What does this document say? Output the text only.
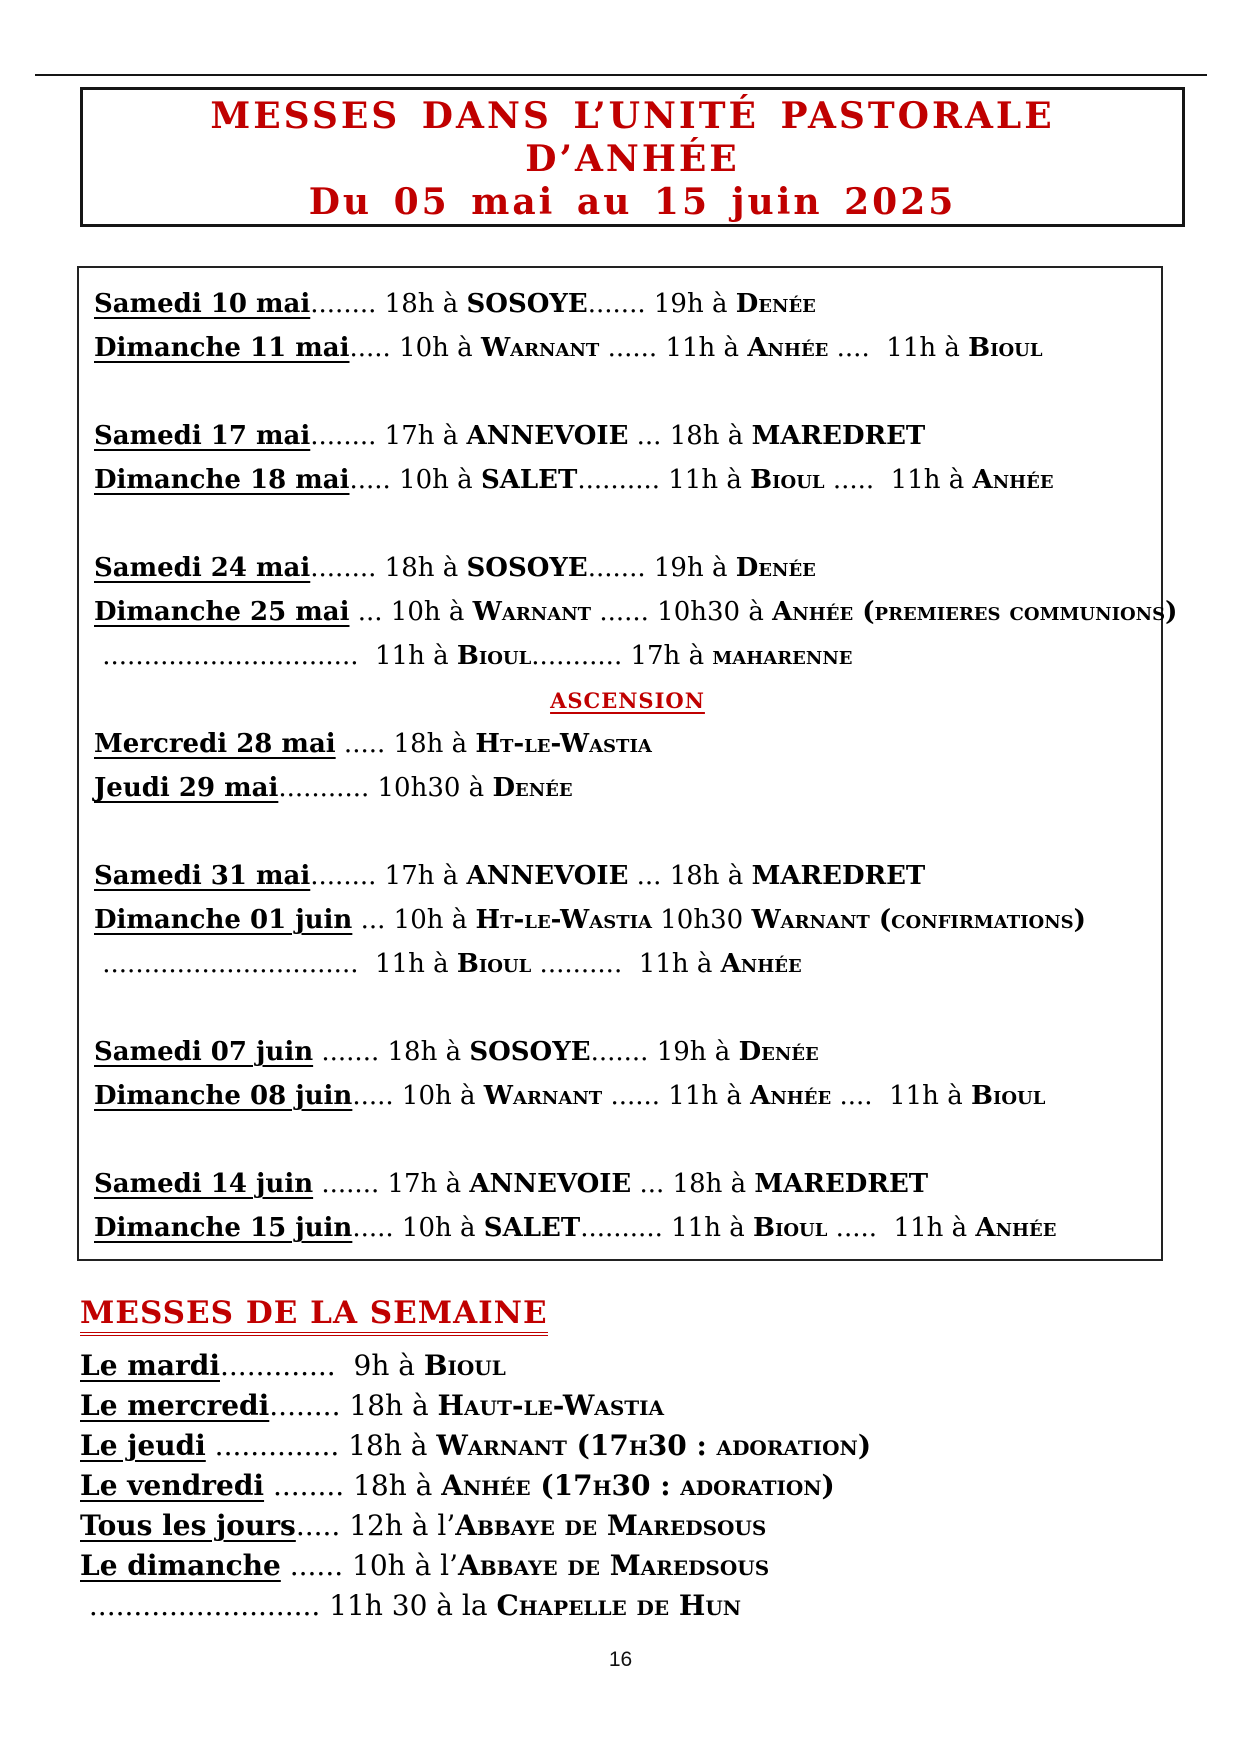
MESSES DANS L’UNITÉ PASTORALE
D’ANHÉE
Du 05 mai au 15 juin 2025
Samedi 10 mai........ 18h à SOSOYE....... 19h à Denée
Dimanche 11 mai..... 10h à Warnant ...... 11h à Anhée ....  11h à Bioul
Samedi 17 mai........ 17h à ANNEVOIE ... 18h à MAREDRET
Dimanche 18 mai..... 10h à SALET.......... 11h à Bioul .....  11h à Anhée
Samedi 24 mai........ 18h à SOSOYE....... 19h à Denée
Dimanche 25 mai ... 10h à Warnant ...... 10h30 à Anhée (premieres communions)
...............................  11h à Bioul........... 17h à maharenne
ASCENSION
Mercredi 28 mai ..... 18h à Ht-le-Wastia
Jeudi 29 mai........... 10h30 à Denée
Samedi 31 mai........ 17h à ANNEVOIE ... 18h à MAREDRET
Dimanche 01 juin ... 10h à Ht-le-Wastia 10h30 Warnant (confirmations)
...............................  11h à Bioul ..........  11h à Anhée
Samedi 07 juin ....... 18h à SOSOYE....... 19h à Denée
Dimanche 08 juin..... 10h à Warnant ...... 11h à Anhée ....  11h à Bioul
Samedi 14 juin ....... 17h à ANNEVOIE ... 18h à MAREDRET
Dimanche 15 juin..... 10h à SALET.......... 11h à Bioul .....  11h à Anhée
MESSES DE LA SEMAINE
Le mardi.............  9h à Bioul
Le mercredi........ 18h à Haut-le-Wastia
Le jeudi .............. 18h à Warnant (17h30 : adoration)
Le vendredi ........ 18h à Anhée (17h30 : adoration)
Tous les jours..... 12h à l’Abbaye de Maredsous
Le dimanche ...... 10h à l’Abbaye de Maredsous
.......................... 11h 30 à la Chapelle de Hun
16
